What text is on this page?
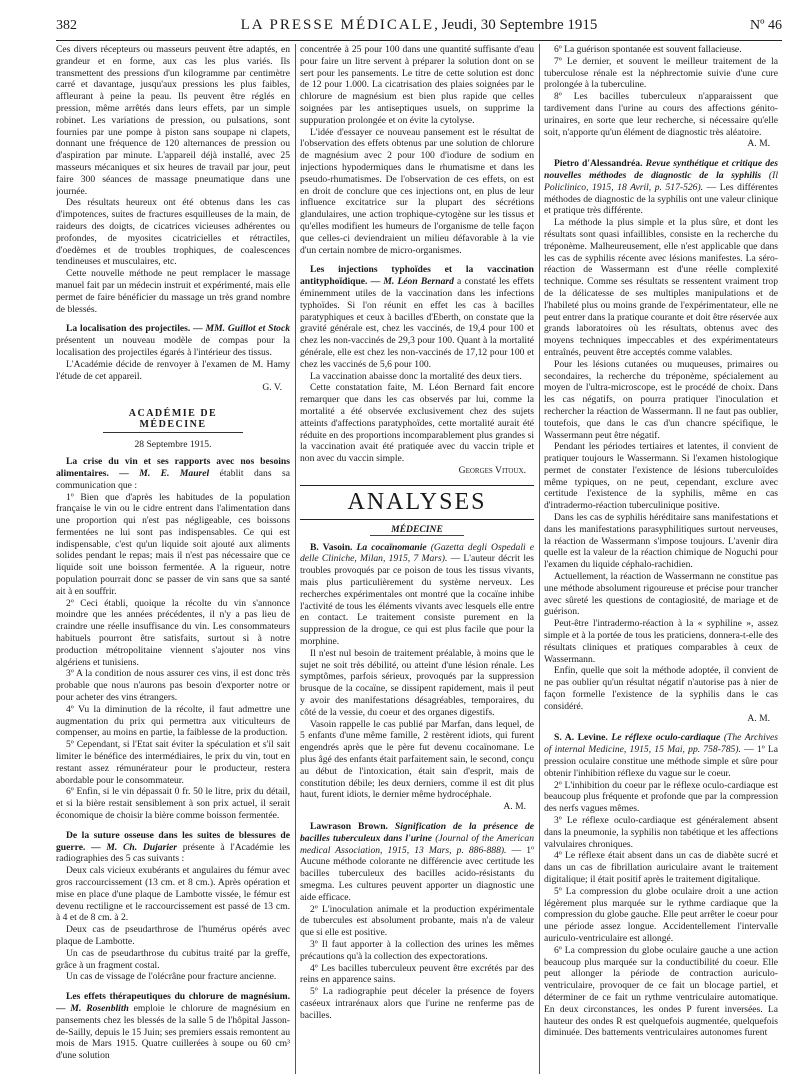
382	LA PRESSE MÉDICALE, Jeudi, 30 Septembre 1915	Nº 46

Ces divers récepteurs ou masseurs peuvent être adaptés, en grandeur et en forme, aux cas les plus variés. Ils transmettent des pressions d'un kilogramme par centimètre carré et davantage, jusqu'aux pressions les plus faibles, affleurant à peine la peau. Ils peuvent être réglés en pression, même arrêtés dans leurs effets, par un simple robinet. Les variations de pression, ou pulsations, sont fournies par une pompe à piston sans soupape ni clapets, donnant une fréquence de 120 alternances de pression ou d'aspiration par minute. L'appareil déjà installé, avec 25 masseurs mécaniques et six heures de travail par jour, peut faire 300 séances de massage pneumatique dans une journée.

Des résultats heureux ont été obtenus dans les cas d'impotences, suites de fractures esquilleuses de la main, de raideurs des doigts, de cicatrices vicieuses adhérentes ou profondes, de myosites cicatricielles et rétractiles, d'oedèmes et de troubles trophiques, de coalescences tendineuses et musculaires, etc.

Cette nouvelle méthode ne peut remplacer le massage manuel fait par un médecin instruit et expérimenté, mais elle permet de faire bénéficier du massage un très grand nombre de blessés.

La localisation des projectiles. — MM. Guillot et Stock présentent un nouveau modèle de compas pour la localisation des projectiles égarés à l'intérieur des tissus.

L'Académie décide de renvoyer à l'examen de M. Hamy l'étude de cet appareil.

G. V.
ACADÉMIE DE MÉDECINE
28 Septembre 1915.

La crise du vin et ses rapports avec nos besoins alimentaires. — M. E. Maurel établit dans sa communication que :

1º Bien que d'après les habitudes de la population française le vin ou le cidre entrent dans l'alimentation dans une proportion qui n'est pas négligeable, ces boissons fermentées ne lui sont pas indispensables. Ce qui est indispensable, c'est qu'un liquide soit ajouté aux aliments solides pendant le repas; mais il n'est pas nécessaire que ce liquide soit une boisson fermentée. A la rigueur, notre population pourrait donc se passer de vin sans que sa santé ait à en souffrir.

2º Ceci établi, quoique la récolte du vin s'annonce moindre que les années précédentes, il n'y a pas lieu de craindre une réelle insuffisance du vin. Les consommateurs habituels pourront être satisfaits, surtout si à notre production métropolitaine viennent s'ajouter nos vins algériens et tunisiens.

3º A la condition de nous assurer ces vins, il est donc très probable que nous n'aurons pas besoin d'exporter notre or pour acheter des vins étrangers.

4º Vu la diminution de la récolte, il faut admettre une augmentation du prix qui permettra aux viticulteurs de compenser, au moins en partie, la faiblesse de la production.

5º Cependant, si l'Etat sait éviter la spéculation et s'il sait limiter le bénéfice des intermédiaires, le prix du vin, tout en restant assez rémunérateur pour le producteur, restera abordable pour le consommateur.

6º Enfin, si le vin dépassait 0 fr. 50 le litre, prix du détail, et si la bière restait sensiblement à son prix actuel, il serait économique de choisir la bière comme boisson fermentée.

De la suture osseuse dans les suites de blessures de guerre. — M. Ch. Dujarier présente à l'Académie les radiographies des 5 cas suivants :

Deux cals vicieux exubérants et angulaires du fémur avec gros raccourcissement (13 cm. et 8 cm.). Après opération et mise en place d'une plaque de Lambotte vissée, le fémur est devenu rectiligne et le raccourcissement est passé de 13 cm. à 4 et de 8 cm. à 2.

Deux cas de pseudarthrose de l'humérus opérés avec plaque de Lambotte.

Un cas de pseudarthrose du cubitus traité par la greffe, grâce à un fragment costal.

Un cas de vissage de l'olécrâne pour fracture ancienne.

Les effets thérapeutiques du chlorure de magnésium. — M. Rosenblith emploie le chlorure de magnésium en pansements chez les blessés de la salle 5 de l'hôpital Jasson-de-Sailly, depuis le 15 Juin; ses premiers essais remontent au mois de Mars 1915. Quatre cuillerées à soupe ou 60 cm³ d'une solution

concentrée à 25 pour 100 dans une quantité suffisante d'eau pour faire un litre servent à préparer la solution dont on se sert pour les pansements. Le titre de cette solution est donc de 12 pour 1.000. La cicatrisation des plaies soignées par le chlorure de magnésium est bien plus rapide que celles soignées par les antiseptiques usuels, on supprime la suppuration prolongée et on évite la cytolyse.

L'idée d'essayer ce nouveau pansement est le résultat de l'observation des effets obtenus par une solution de chlorure de magnésium avec 2 pour 100 d'iodure de sodium en injections hypodermiques dans le rhumatisme et dans les pseudo-rhumatismes. De l'observation de ces effets, on est en droit de conclure que ces injections ont, en plus de leur influence excitatrice sur la plupart des sécrétions glandulaires, une action trophique-cytogène sur les tissus et qu'elles modifient les humeurs de l'organisme de telle façon que celles-ci deviendraient un milieu défavorable à la vie d'un certain nombre de micro-organismes.

Les injections typhoïdes et la vaccination antityphoïdique. — M. Léon Bernard a constaté les effets éminemment utiles de la vaccination dans les infections typhoïdes. Si l'on réunit en effet les cas à bacilles paratyphiques et ceux à bacilles d'Eberth, on constate que la gravité générale est, chez les vaccinés, de 19,4 pour 100 et chez les non-vaccinés de 29,3 pour 100. Quant à la mortalité générale, elle est chez les non-vaccinés de 17,12 pour 100 et chez les vaccinés de 5,6 pour 100.

La vaccination abaisse donc la mortalité des deux tiers.

Cette constatation faite, M. Léon Bernard fait encore remarquer que dans les cas observés par lui, comme la mortalité a été observée exclusivement chez des sujets atteints d'affections paratyphoïdes, cette mortalité aurait été réduite en des proportions incomparablement plus grandes si la vaccination avait été pratiquée avec du vaccin triple et non avec du vaccin simple.

Georges Vitoux.
ANALYSES
MÉDECINE

B. Vasoin. La cocaïnomanie (Gazetta degli Ospedali e delle Cliniche, Milan, 1915, 7 Mars). — L'auteur décrit les troubles provoqués par ce poison de tous les tissus vivants, mais plus particulièrement du système nerveux. Les recherches expérimentales ont montré que la cocaïne inhibe l'activité de tous les éléments vivants avec lesquels elle entre en contact. Le traitement consiste purement en la suppression de la drogue, ce qui est plus facile que pour la morphine.

Il n'est nul besoin de traitement préalable, à moins que le sujet ne soit très débilité, ou atteint d'une lésion rénale. Les symptômes, parfois sérieux, provoqués par la suppression brusque de la cocaïne, se dissipent rapidement, mais il peut y avoir des manifestations désagréables, temporaires, du côté de la vessie, du coeur et des organes digestifs.

Vasoin rappelle le cas publié par Marfan, dans lequel, de 5 enfants d'une même famille, 2 restèrent idiots, qui furent engendrés après que le père fut devenu cocaïnomane. Le plus âgé des enfants était parfaitement sain, le second, conçu au début de l'intoxication, était sain d'esprit, mais de constitution débile; les deux derniers, comme il est dit plus haut, furent idiots, le dernier même hydrocéphale.

A. M.

Lawrason Brown. Signification de la présence de bacilles tuberculeux dans l'urine (Journal of the American medical Association, 1915, 13 Mars, p. 886-888). — 1º Aucune méthode colorante ne différencie avec certitude les bacilles tuberculeux des bacilles acido-résistants du smegma. Les cultures peuvent apporter un diagnostic une aide efficace.

2º L'inoculation animale et la production expérimentale de tubercules est absolument probante, mais n'a de valeur que si elle est positive.

3º Il faut apporter à la collection des urines les mêmes précautions qu'à la collection des expectorations.

4º Les bacilles tuberculeux peuvent être excrétés par des reins en apparence sains.

5º La radiographie peut déceler la présence de foyers caséeux intrarénaux alors que l'urine ne renferme pas de bacilles.

6º La guérison spontanée est souvent fallacieuse.

7º Le dernier, et souvent le meilleur traitement de la tuberculose rénale est la néphrectomie suivie d'une cure prolongée à la tuberculine.

8º Les bacilles tuberculeux n'apparaissent que tardivement dans l'urine au cours des affections génito-urinaires, en sorte que leur recherche, si nécessaire qu'elle soit, n'apporte qu'un élément de diagnostic très aléatoire.

A. M.

Pietro d'Alessandréa. Revue synthétique et critique des nouvelles méthodes de diagnostic de la syphilis (Il Policlinico, 1915, 18 Avril, p. 517-526). — Les différentes méthodes de diagnostic de la syphilis ont une valeur clinique et pratique très différente.

La méthode la plus simple et la plus sûre, et dont les résultats sont quasi infaillibles, consiste en la recherche du tréponème. Malheureusement, elle n'est applicable que dans les cas de syphilis récente avec lésions manifestes. La séro-réaction de Wassermann est d'une réelle complexité technique. Comme ses résultats se ressentent vraiment trop de la délicatesse de ses multiples manipulations et de l'habileté plus ou moins grande de l'expérimentateur, elle ne peut entrer dans la pratique courante et doit être réservée aux grands laboratoires où les résultats, obtenus avec des moyens techniques impeccables et des expérimentateurs entraînés, peuvent être acceptés comme valables.

Pour les lésions cutanées ou muqueuses, primaires ou secondaires, la recherche du tréponème, spécialement au moyen de l'ultra-microscope, est le procédé de choix. Dans les cas négatifs, on pourra pratiquer l'inoculation et rechercher la réaction de Wassermann. Il ne faut pas oublier, toutefois, que dans le cas d'un chancre spécifique, le Wassermann peut être négatif.

Pendant les périodes tertiaires et latentes, il convient de pratiquer toujours le Wassermann. Si l'examen histologique permet de constater l'existence de lésions tuberculoïdes même typiques, on ne peut, cependant, exclure avec certitude l'existence de la syphilis, même en cas d'intradermo-réaction tuberculinique positive.

Dans les cas de syphilis héréditaire sans manifestations et dans les manifestations parasyphilitiques surtout nerveuses, la réaction de Wassermann s'impose toujours. L'avenir dira quelle est la valeur de la réaction chimique de Noguchi pour l'examen du liquide céphalo-rachidien.

Actuellement, la réaction de Wassermann ne constitue pas une méthode absolument rigoureuse et précise pour trancher avec sûreté les questions de contagiosité, de mariage et de guérison.

Peut-être l'intradermo-réaction à la « syphiline », assez simple et à la portée de tous les praticiens, donnera-t-elle des résultats cliniques et pratiques comparables à ceux de Wassermann.

Enfin, quelle que soit la méthode adoptée, il convient de ne pas oublier qu'un résultat négatif n'autorise pas à nier de façon formelle l'existence de la syphilis dans le cas considéré.

A. M.

S. A. Levine. Le réflexe oculo-cardiaque (The Archives of internal Medicine, 1915, 15 Mai, pp. 758-785). — 1º La pression oculaire constitue une méthode simple et sûre pour obtenir l'inhibition réflexe du vague sur le coeur.

2º L'inhibition du coeur par le réflexe oculo-cardiaque est beaucoup plus fréquente et profonde que par la compression des nerfs vagues mêmes.

3º Le réflexe oculo-cardiaque est généralement absent dans la pneumonie, la syphilis non tabétique et les affections valvulaires chroniques.

4º Le réflexe était absent dans un cas de diabète sucré et dans un cas de fibrillation auriculaire avant le traitement digitalique; il était positif après le traitement digitalique.

5º La compression du globe oculaire droit a une action légèrement plus marquée sur le rythme cardiaque que la compression du globe gauche. Elle peut arrêter le coeur pour une période assez longue. Accidentellement l'intervalle auriculo-ventriculaire est allongé.

6º La compression du globe oculaire gauche a une action beaucoup plus marquée sur la conductibilité du coeur. Elle peut allonger la période de contraction auriculo-ventriculaire, provoquer de ce fait un blocage partiel, et déterminer de ce fait un rythme ventriculaire automatique. En deux circonstances, les ondes P furent inversées. La hauteur des ondes R est quelquefois augmentée, quelquefois diminuée. Des battements ventriculaires autonomes furent
